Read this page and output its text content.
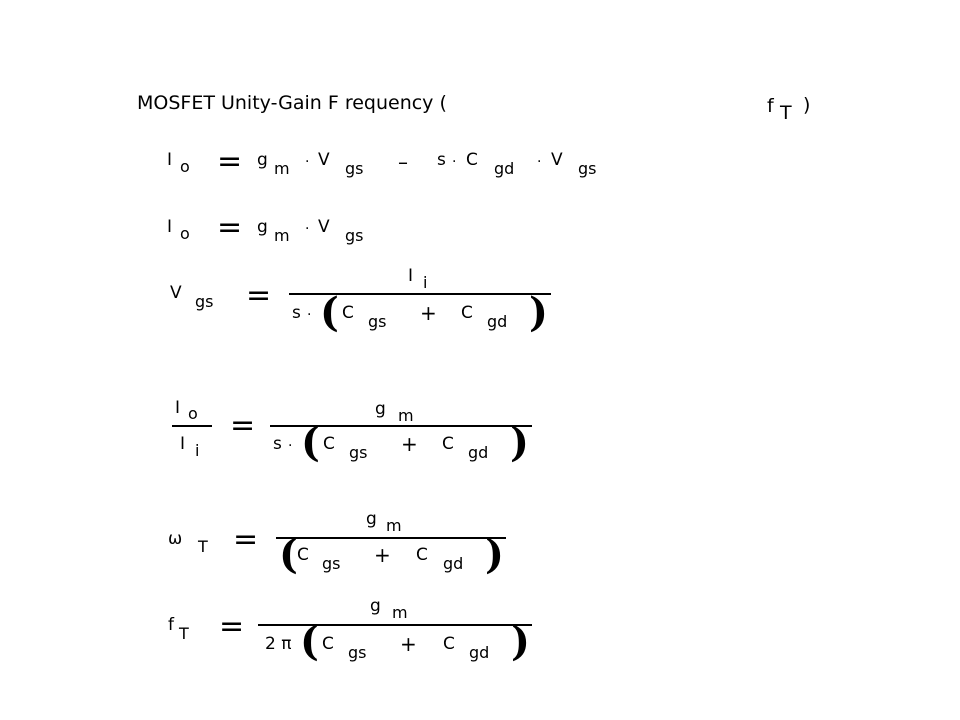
MOSFET Unity-Gain F requency (	f T )
I o = g m · V gs – s · C gd · V gs
I o = g m · V gs
V gs =
I i
s · ( C gs + C gd )
I o
I i
=	g m
s · ( C gs + C gd )
ω T =
g m
( C gs + C gd )
f T =
g m
2 π ( C gs + C gd )
